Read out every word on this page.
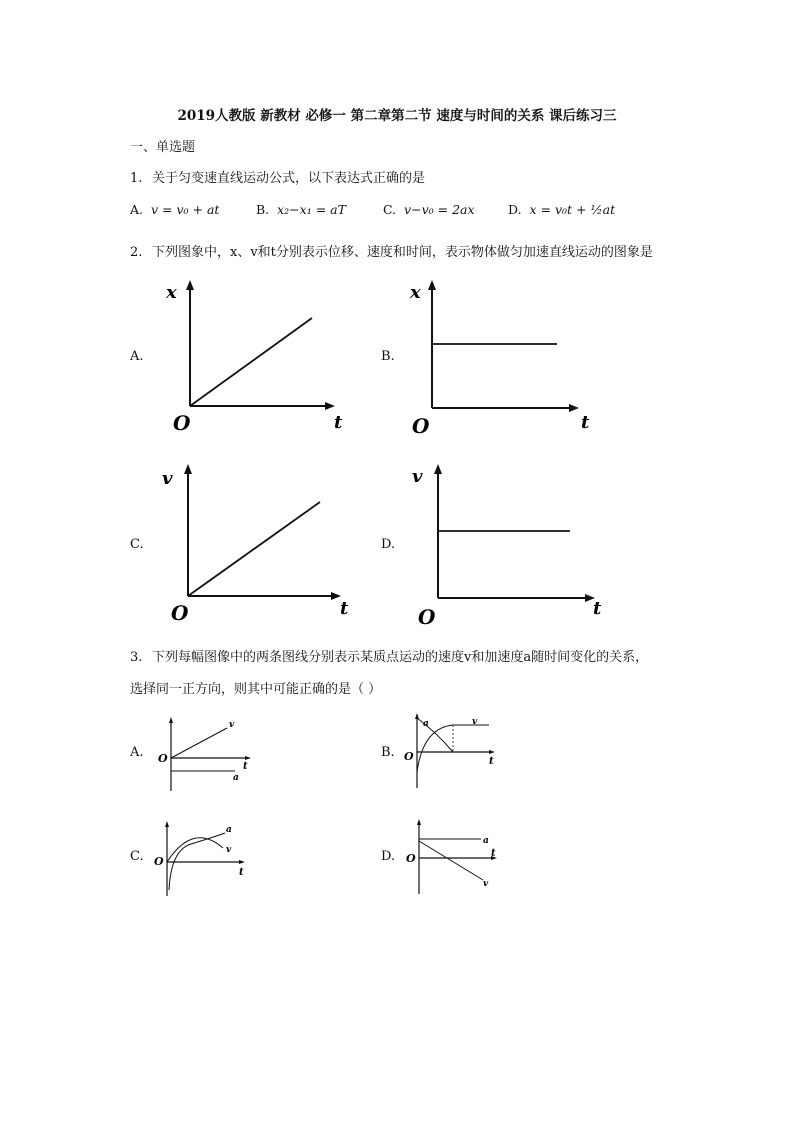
2019人教版 新教材 必修一 第二章第二节 速度与时间的关系 课后练习三
一、单选题
1. 关于匀变速直线运动公式，以下表达式正确的是
A. v = v₀ + at	B. x₂−x₁ = aT	C. v−v₀ = 2ax	D. x = v₀t + ½at
2. 下列图象中，x、v和t分别表示位移、速度和时间，表示物体做匀加速直线运动的图象是
A.
x
O	t
B.
x
O	t
C.
v
O	t
D.
v
O	t
3. 下列每幅图像中的两条图线分别表示某质点运动的速度v和加速度a随时间变化的关系，
选择同一正方向，则其中可能正确的是（ ）
A. O
t
v
a
B. O	t
a	v
C. O
t
a
v	D. O	t
a
v
